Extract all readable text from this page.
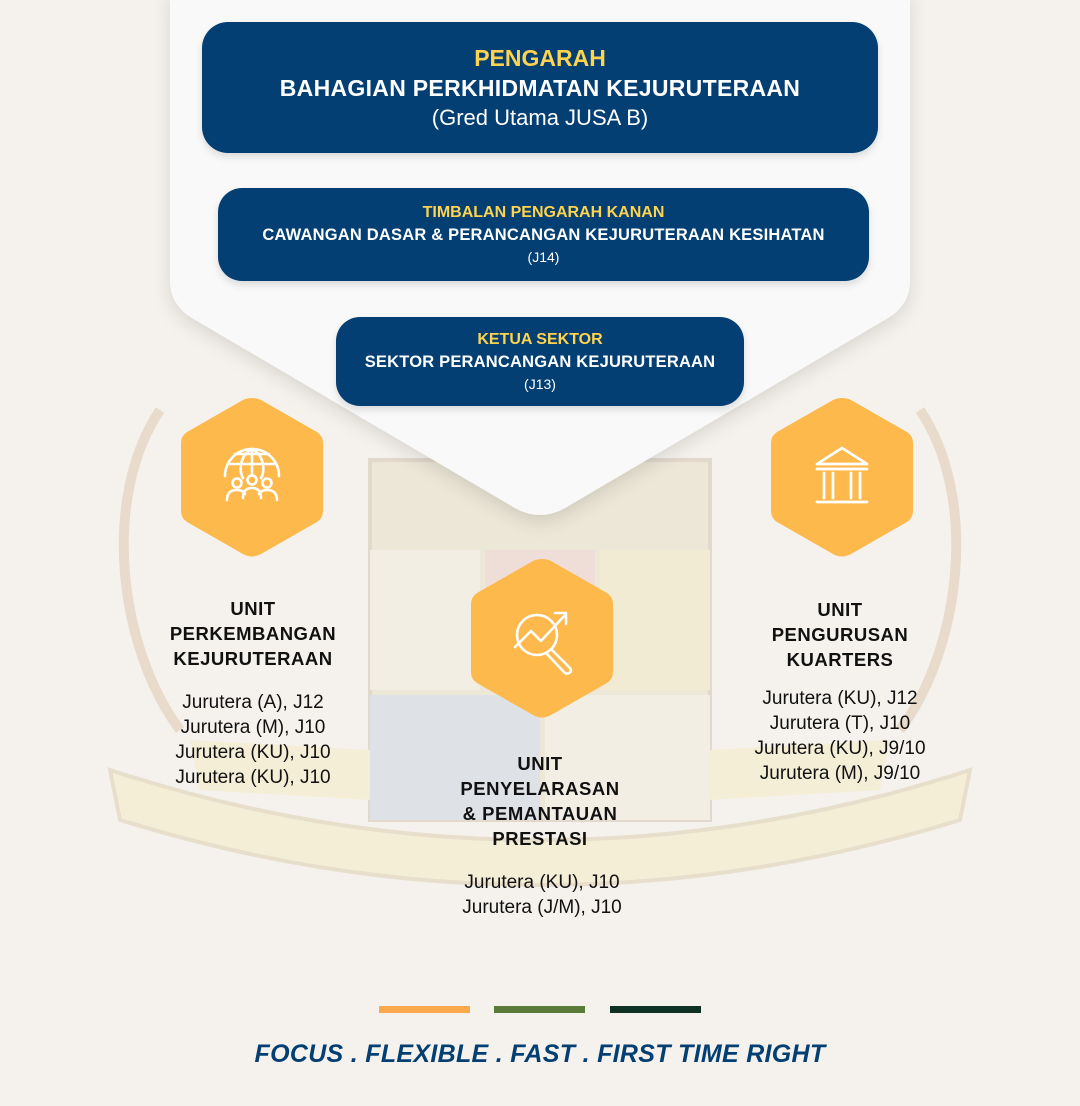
PENGARAH
BAHAGIAN PERKHIDMATAN KEJURUTERAAN
(Gred Utama JUSA B)
TIMBALAN PENGARAH KANAN
CAWANGAN DASAR & PERANCANGAN KEJURUTERAAN KESIHATAN
(J14)
KETUA SEKTOR
SEKTOR PERANCANGAN KEJURUTERAAN
(J13)
UNIT
PERKEMBANGAN
KEJURUTERAAN
Jurutera (A), J12
Jurutera (M), J10
Jurutera (KU), J10
Jurutera (KU), J10
UNIT
PENYELARASAN
& PEMANTAUAN
PRESTASI
Jurutera (KU), J10
Jurutera (J/M), J10
UNIT
PENGURUSAN
KUARTERS
Jurutera (KU), J12
Jurutera (T), J10
Jurutera (KU), J9/10
Jurutera (M), J9/10
FOCUS . FLEXIBLE . FAST . FIRST TIME RIGHT
